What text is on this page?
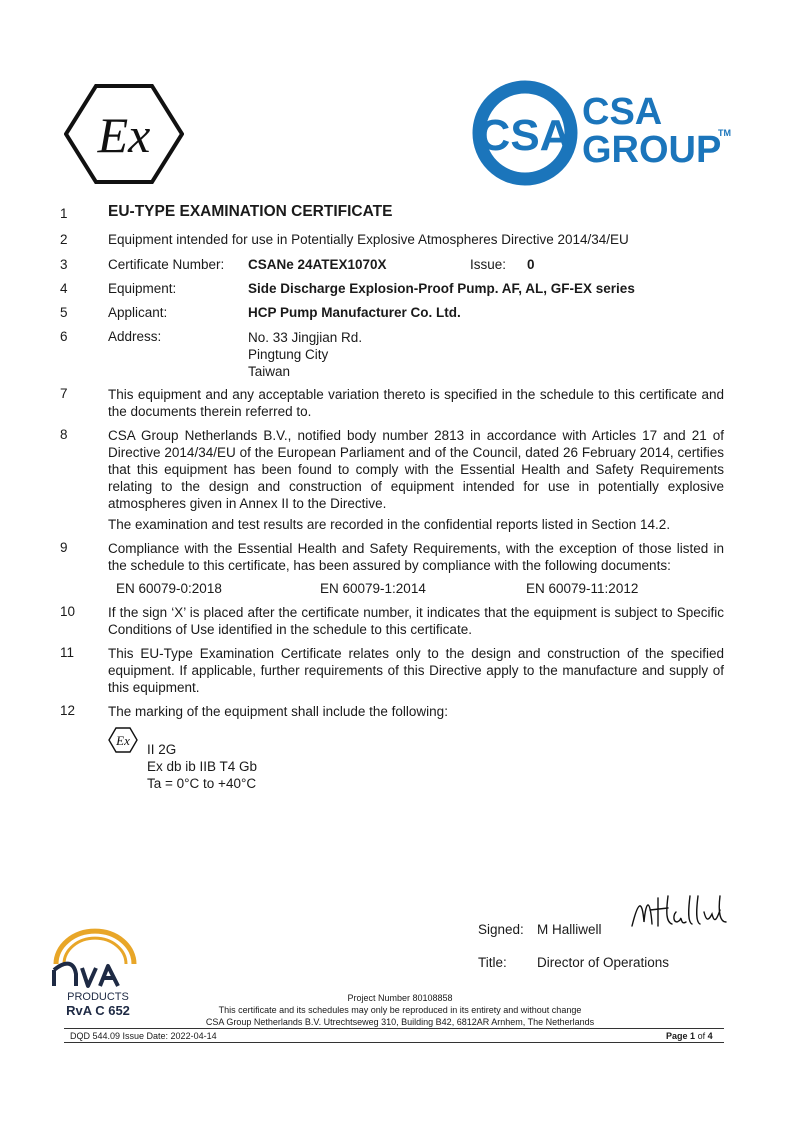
Ex	CSA CSA
GROUP
TM
1	EU-TYPE EXAMINATION CERTIFICATE
2	Equipment intended for use in Potentially Explosive Atmospheres Directive 2014/34/EU
3	Certificate Number: CSANe 24ATEX1070X	Issue: 0
4	Equipment:	Side Discharge Explosion-Proof Pump. AF, AL, GF-EX series
5	Applicant:	HCP Pump Manufacturer Co. Ltd.
6	Address:	No. 33 Jingjian Rd.
Pingtung City
Taiwan
7	This equipment and any acceptable variation thereto is specified in the schedule to this certificate and the documents therein referred to.
8	CSA Group Netherlands B.V., notified body number 2813 in accordance with Articles 17 and 21 of Directive 2014/34/EU of the European Parliament and of the Council, dated 26 February 2014, certifies that this equipment has been found to comply with the Essential Health and Safety Requirements relating to the design and construction of equipment intended for use in potentially explosive atmospheres given in Annex II to the Directive.
The examination and test results are recorded in the confidential reports listed in Section 14.2.
9	Compliance with the Essential Health and Safety Requirements, with the exception of those listed in the schedule to this certificate, has been assured by compliance with the following documents:
EN 60079-0:2018	EN 60079-1:2014	EN 60079-11:2012
10	If the sign ‘X’ is placed after the certificate number, it indicates that the equipment is subject to Specific Conditions of Use identified in the schedule to this certificate.
11	This EU-Type Examination Certificate relates only to the design and construction of the specified equipment. If applicable, further requirements of this Directive apply to the manufacture and supply of this equipment.
12	The marking of the equipment shall include the following:
Ex
II 2G
Ex db ib IIB T4 Gb
Ta = 0°C to +40°C
Signed: M Halliwell
Title: Director of Operations
PRODUCTS
RvA C 652
Project Number 80108858
This certificate and its schedules may only be reproduced in its entirety and without change
CSA Group Netherlands B.V. Utrechtseweg 310, Building B42, 6812AR Arnhem, The Netherlands
DQD 544.09 Issue Date: 2022-04-14	Page 1 of 4
